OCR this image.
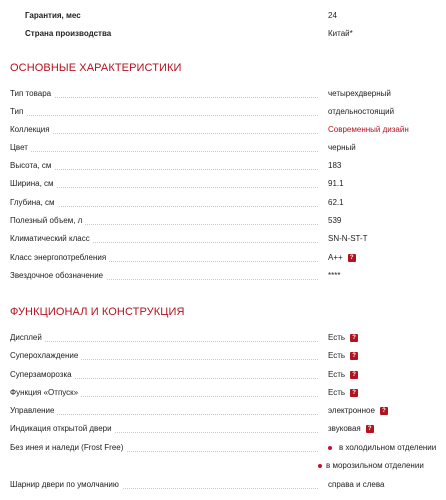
Гарантия, мес	24
Страна производства	Китай*
ОСНОВНЫЕ ХАРАКТЕРИСТИКИ
Тип товара	четырехдверный
Тип	отдельностоящий
Коллекция	Современный дизайн
Цвет	черный
Высота, см	183
Ширина, см	91.1
Глубина, см	62.1
Полезный объем, л	539
Климатический класс	SN-N-ST-T
Класс энергопотребления	A++	?
Звездочное обозначение	****
ФУНКЦИОНАЛ И КОНСТРУКЦИЯ
Дисплей	Есть	?
Суперохлаждение	Есть	?
Суперзаморозка	Есть	?
Функция «Отпуск»	Есть	?
Управление	электронное	?
Индикация открытой двери	звуковая	?
Без инея и наледи (Frost Free)	в холодильном отделении
в морозильном отделении
Шарнир двери по умолчанию	справа и слева
